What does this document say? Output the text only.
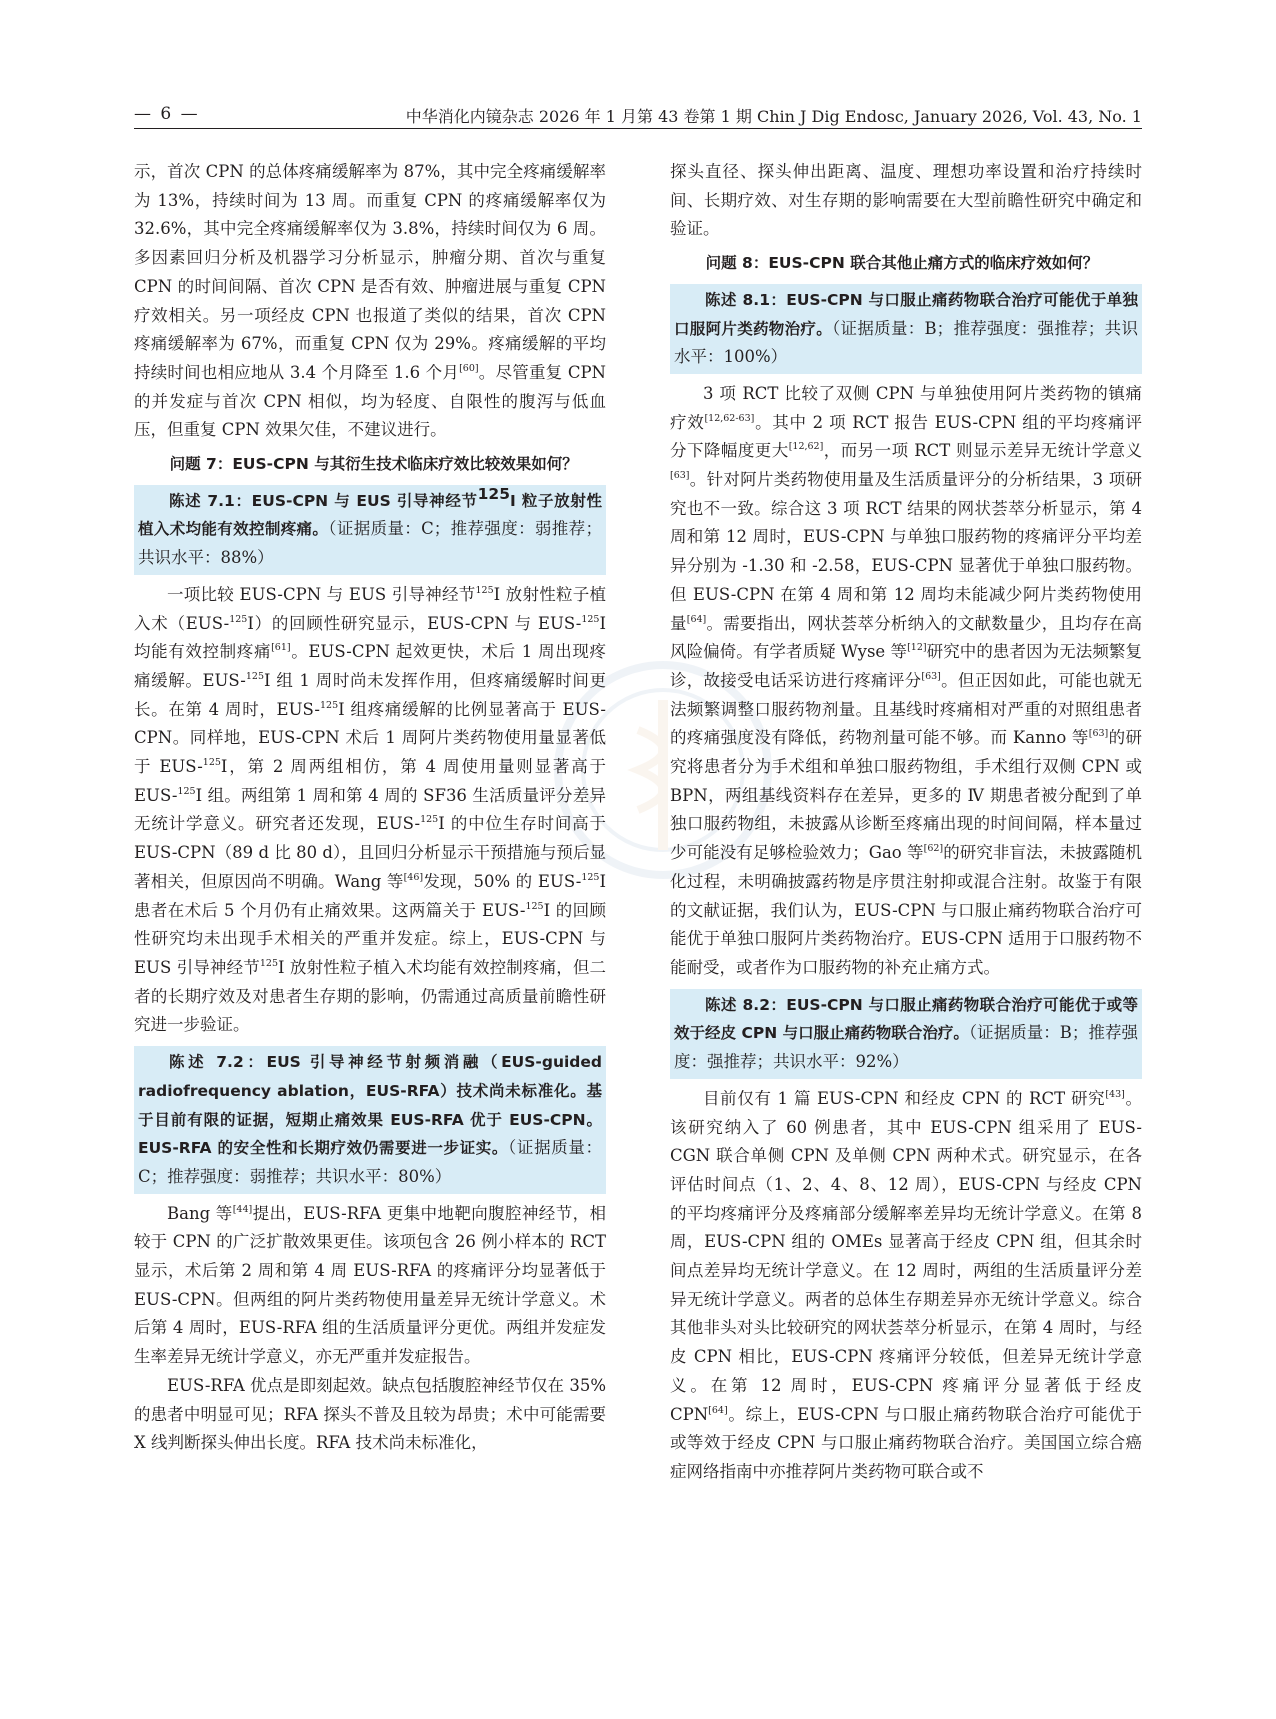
— 6 —	中华消化内镜杂志 2026 年 1 月第 43 卷第 1 期 Chin J Dig Endosc, January 2026, Vol. 43, No. 1

示，首次 CPN 的总体疼痛缓解率为 87%，其中完全疼痛缓解率为 13%，持续时间为 13 周。而重复 CPN 的疼痛缓解率仅为 32.6%，其中完全疼痛缓解率仅为 3.8%，持续时间仅为 6 周。多因素回归分析及机器学习分析显示，肿瘤分期、首次与重复 CPN 的时间间隔、首次 CPN 是否有效、肿瘤进展与重复 CPN 疗效相关。另一项经皮 CPN 也报道了类似的结果，首次 CPN 疼痛缓解率为 67%，而重复 CPN 仅为 29%。疼痛缓解的平均持续时间也相应地从 3.4 个月降至 1.6 个月[60]。尽管重复 CPN 的并发症与首次 CPN 相似，均为轻度、自限性的腹泻与低血压，但重复 CPN 效果欠佳，不建议进行。

问题 7：EUS-CPN 与其衍生技术临床疗效比较效果如何？

陈述 7.1：EUS-CPN 与 EUS 引导神经节$^{125}$I 粒子放射性植入术均能有效控制疼痛。（证据质量：C；推荐强度：弱推荐；共识水平：88%）

一项比较 EUS-CPN 与 EUS 引导神经节$^{125}$I 放射性粒子植入术（EUS-$^{125}$I）的回顾性研究显示，EUS-CPN 与 EUS-$^{125}$I 均能有效控制疼痛[61]。EUS-CPN 起效更快，术后 1 周出现疼痛缓解。EUS-$^{125}$I 组 1 周时尚未发挥作用，但疼痛缓解时间更长。在第 4 周时，EUS-$^{125}$I 组疼痛缓解的比例显著高于 EUS-CPN。同样地，EUS-CPN 术后 1 周阿片类药物使用量显著低于 EUS-$^{125}$I，第 2 周两组相仿，第 4 周使用量则显著高于 EUS-$^{125}$I 组。两组第 1 周和第 4 周的 SF36 生活质量评分差异无统计学意义。研究者还发现，EUS-$^{125}$I 的中位生存时间高于 EUS-CPN（89 d 比 80 d），且回归分析显示干预措施与预后显著相关，但原因尚不明确。Wang 等[46]发现，50% 的 EUS-$^{125}$I 患者在术后 5 个月仍有止痛效果。这两篇关于 EUS-$^{125}$I 的回顾性研究均未出现手术相关的严重并发症。综上，EUS-CPN 与 EUS 引导神经节$^{125}$I 放射性粒子植入术均能有效控制疼痛，但二者的长期疗效及对患者生存期的影响，仍需通过高质量前瞻性研究进一步验证。

陈述 7.2：EUS 引导神经节射频消融（EUS-guided radiofrequency ablation，EUS-RFA）技术尚未标准化。基于目前有限的证据，短期止痛效果 EUS-RFA 优于 EUS-CPN。EUS-RFA 的安全性和长期疗效仍需要进一步证实。（证据质量：C；推荐强度：弱推荐；共识水平：80%）

Bang 等[44]提出，EUS-RFA 更集中地靶向腹腔神经节，相较于 CPN 的广泛扩散效果更佳。该项包含 26 例小样本的 RCT 显示，术后第 2 周和第 4 周 EUS-RFA 的疼痛评分均显著低于 EUS-CPN。但两组的阿片类药物使用量差异无统计学意义。术后第 4 周时，EUS-RFA 组的生活质量评分更优。两组并发症发生率差异无统计学意义，亦无严重并发症报告。

EUS-RFA 优点是即刻起效。缺点包括腹腔神经节仅在 35% 的患者中明显可见；RFA 探头不普及且较为昂贵；术中可能需要 X 线判断探头伸出长度。RFA 技术尚未标准化，

探头直径、探头伸出距离、温度、理想功率设置和治疗持续时间、长期疗效、对生存期的影响需要在大型前瞻性研究中确定和验证。

问题 8：EUS-CPN 联合其他止痛方式的临床疗效如何？

陈述 8.1：EUS-CPN 与口服止痛药物联合治疗可能优于单独口服阿片类药物治疗。（证据质量：B；推荐强度：强推荐；共识水平：100%）

3 项 RCT 比较了双侧 CPN 与单独使用阿片类药物的镇痛疗效[12,62-63]。其中 2 项 RCT 报告 EUS-CPN 组的平均疼痛评分下降幅度更大[12,62]，而另一项 RCT 则显示差异无统计学意义[63]。针对阿片类药物使用量及生活质量评分的分析结果，3 项研究也不一致。综合这 3 项 RCT 结果的网状荟萃分析显示，第 4 周和第 12 周时，EUS-CPN 与单独口服药物的疼痛评分平均差异分别为 -1.30 和 -2.58，EUS-CPN 显著优于单独口服药物。但 EUS-CPN 在第 4 周和第 12 周均未能减少阿片类药物使用量[64]。需要指出，网状荟萃分析纳入的文献数量少，且均存在高风险偏倚。有学者质疑 Wyse 等[12]研究中的患者因为无法频繁复诊，故接受电话采访进行疼痛评分[63]。但正因如此，可能也就无法频繁调整口服药物剂量。且基线时疼痛相对严重的对照组患者的疼痛强度没有降低，药物剂量可能不够。而 Kanno 等[63]的研究将患者分为手术组和单独口服药物组，手术组行双侧 CPN 或 BPN，两组基线资料存在差异，更多的 Ⅳ 期患者被分配到了单独口服药物组，未披露从诊断至疼痛出现的时间间隔，样本量过少可能没有足够检验效力；Gao 等[62]的研究非盲法，未披露随机化过程，未明确披露药物是序贯注射抑或混合注射。故鉴于有限的文献证据，我们认为，EUS-CPN 与口服止痛药物联合治疗可能优于单独口服阿片类药物治疗。EUS-CPN 适用于口服药物不能耐受，或者作为口服药物的补充止痛方式。

陈述 8.2：EUS-CPN 与口服止痛药物联合治疗可能优于或等效于经皮 CPN 与口服止痛药物联合治疗。（证据质量：B；推荐强度：强推荐；共识水平：92%）

目前仅有 1 篇 EUS-CPN 和经皮 CPN 的 RCT 研究[43]。该研究纳入了 60 例患者，其中 EUS-CPN 组采用了 EUS-CGN 联合单侧 CPN 及单侧 CPN 两种术式。研究显示，在各评估时间点（1、2、4、8、12 周），EUS-CPN 与经皮 CPN 的平均疼痛评分及疼痛部分缓解率差异均无统计学意义。在第 8 周，EUS-CPN 组的 OMEs 显著高于经皮 CPN 组，但其余时间点差异均无统计学意义。在 12 周时，两组的生活质量评分差异无统计学意义。两者的总体生存期差异亦无统计学意义。综合其他非头对头比较研究的网状荟萃分析显示，在第 4 周时，与经皮 CPN 相比，EUS-CPN 疼痛评分较低，但差异无统计学意义。在第 12 周时，EUS-CPN 疼痛评分显著低于经皮 CPN[64]。综上，EUS-CPN 与口服止痛药物联合治疗可能优于或等效于经皮 CPN 与口服止痛药物联合治疗。美国国立综合癌症网络指南中亦推荐阿片类药物可联合或不
